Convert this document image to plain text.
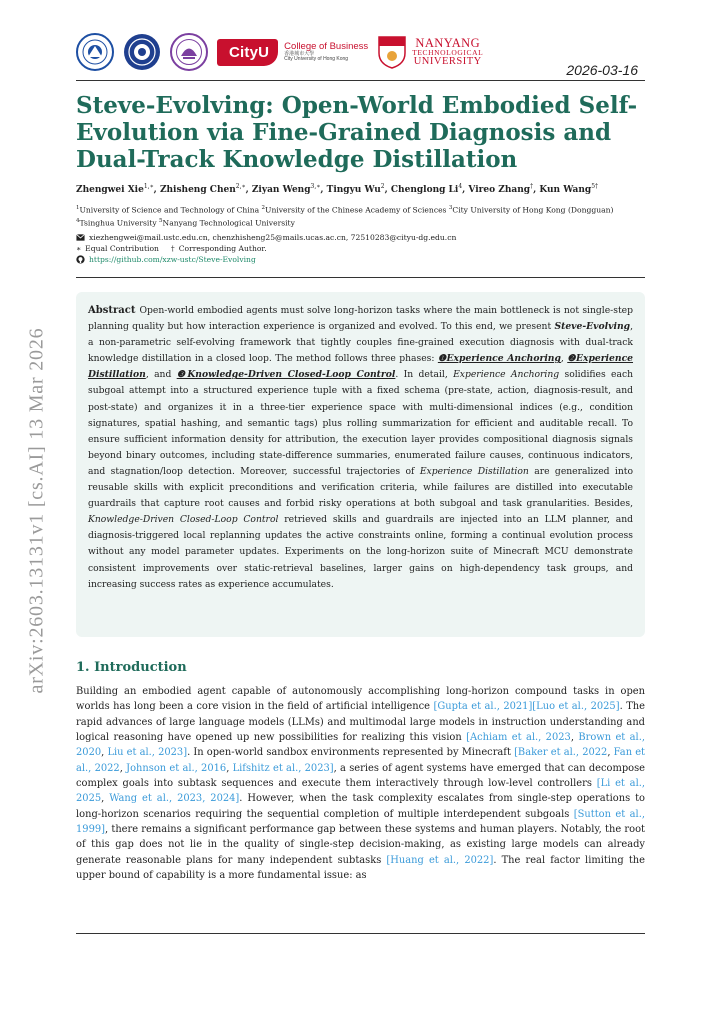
arXiv:2603.13131v1 [cs.AI] 13 Mar 2026
CityU	College of Business
香港城市大學
City University of Hong Kong
NANYANG
TECHNOLOGICAL
UNIVERSITY
2026-03-16
Steve-Evolving: Open-World Embodied Self-Evolution via Fine-Grained Diagnosis and Dual-Track Knowledge Distillation
Zhengwei Xie$^{1,∗}$, Zhisheng Chen$^{2,∗}$, Ziyan Weng$^{3,∗}$, Tingyu Wu$^2$, Chenglong Li$^4$, Vireo Zhang†, Kun Wang$^{5\dagger}$
$^1$University of Science and Technology of China $^2$University of the Chinese Academy of Sciences $^3$City University of Hong Kong (Dongguan) $^4$Tsinghua University $^5$Nanyang Technological University
xiezhengwei@mail.ustc.edu.cn, chenzhisheng25@mails.ucas.ac.cn, 72510283@cityu-dg.edu.cn
∗ Equal Contribution † Corresponding Author.
https://github.com/xzw-ustc/Steve-Evolving
Abstract Open-world embodied agents must solve long-horizon tasks where the main bottleneck is not single-step planning quality but how interaction experience is organized and evolved. To this end, we present Steve-Evolving, a non-parametric self-evolving framework that tightly couples fine-grained execution diagnosis with dual-track knowledge distillation in a closed loop. The method follows three phases: ❶Experience Anchoring, ❷Experience Distillation, and ❸Knowledge-Driven Closed-Loop Control. In detail, Experience Anchoring solidifies each subgoal attempt into a structured experience tuple with a fixed schema (pre-state, action, diagnosis-result, and post-state) and organizes it in a three-tier experience space with multi-dimensional indices (e.g., condition signatures, spatial hashing, and semantic tags) plus rolling summarization for efficient and auditable recall. To ensure sufficient information density for attribution, the execution layer provides compositional diagnosis signals beyond binary outcomes, including state-difference summaries, enumerated failure causes, continuous indicators, and stagnation/loop detection. Moreover, successful trajectories of Experience Distillation are generalized into reusable skills with explicit preconditions and verification criteria, while failures are distilled into executable guardrails that capture root causes and forbid risky operations at both subgoal and task granularities. Besides, Knowledge-Driven Closed-Loop Control retrieved skills and guardrails are injected into an LLM planner, and diagnosis-triggered local replanning updates the active constraints online, forming a continual evolution process without any model parameter updates. Experiments on the long-horizon suite of Minecraft MCU demonstrate consistent improvements over static-retrieval baselines, larger gains on high-dependency task groups, and increasing success rates as experience accumulates.
1. Introduction

Building an embodied agent capable of autonomously accomplishing long-horizon compound tasks in open worlds has long been a core vision in the field of artificial intelligence [Gupta et al., 2021][Luo et al., 2025]. The rapid advances of large language models (LLMs) and multimodal large models in instruction understanding and logical reasoning have opened up new possibilities for realizing this vision [Achiam et al., 2023, Brown et al., 2020, Liu et al., 2023]. In open-world sandbox environments represented by Minecraft [Baker et al., 2022, Fan et al., 2022, Johnson et al., 2016, Lifshitz et al., 2023], a series of agent systems have emerged that can decompose complex goals into subtask sequences and execute them interactively through low-level controllers [Li et al., 2025, Wang et al., 2023, 2024]. However, when the task complexity escalates from single-step operations to long-horizon scenarios requiring the sequential completion of multiple interdependent subgoals [Sutton et al., 1999], there remains a significant performance gap between these systems and human players. Notably, the root of this gap does not lie in the quality of single-step decision-making, as existing large models can already generate reasonable plans for many independent subtasks [Huang et al., 2022]. The real factor limiting the upper bound of capability is a more fundamental issue: as
